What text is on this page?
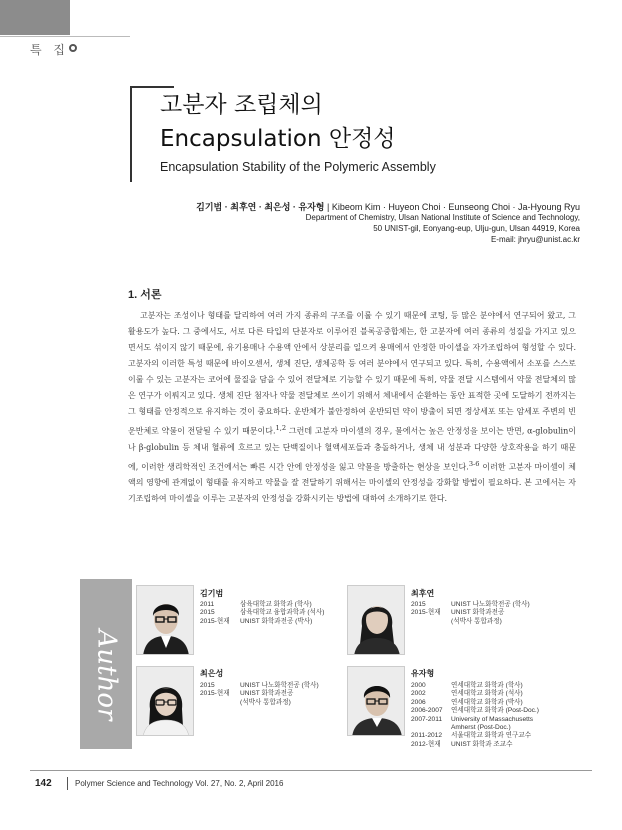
특 집
고분자 조립체의
Encapsulation 안정성
Encapsulation Stability of the Polymeric Assembly
김기범 · 최후연 · 최은성 · 유자형 | Kibeom Kim · Huyeon Choi · Eunseong Choi · Ja-Hyoung Ryu
Department of Chemistry, Ulsan National Institute of Science and Technology,
50 UNIST-gil, Eonyang-eup, Ulju-gun, Ulsan 44919, Korea
E-mail: jhryu@unist.ac.kr
1. 서론

고분자는 조성이나 형태를 달리하여 여러 가지 종류의 구조를 이룰 수 있기 때문에 코팅, 등 많은 분야에서 연구되어 왔고, 그 활용도가 높다. 그 중에서도, 서로 다른 타입의 단분자로 이루어진 블록공중합체는, 한 고분자에 여러 종류의 성질을 가지고 있으면서도 섞이지 않기 때문에, 유기용매나 수용액 안에서 상분리를 일으켜 용매에서 안정한 마이셀을 자가조립하여 형성할 수 있다. 고분자의 이러한 특성 때문에 바이오센서, 생체 진단, 생체공학 등 여러 분야에서 연구되고 있다. 특히, 수용액에서 소포를 스스로 이룰 수 있는 고분자는 코어에 물질을 담을 수 있어 전달체로 기능할 수 있기 때문에 특히, 약물 전달 시스템에서 약물 전달체의 많은 연구가 이뤄지고 있다. 생체 진단 첨자나 약물 전달체로 쓰이기 위해서 체내에서 순환하는 동안 표적한 곳에 도달하기 전까지는 그 형태를 안정적으로 유지하는 것이 중요하다. 운반체가 불안정하여 운반되던 약이 방출이 되면 정상세포 또는 암세포 주변의 빈 운반체로 약물이 전달될 수 있기 때문이다.$^{1,2}$ 그런데 고분자 마이셀의 경우, 물에서는 높은 안정성을 보이는 반면, α-globulin이나 β-globulin 등 체내 혈류에 흐르고 있는 단백질이나 혈액세포들과 충돌하거나, 생체 내 성분과 다양한 상호작용을 하기 때문에, 이러한 생리학적인 조건에서는 빠른 시간 안에 안정성을 잃고 약물을 방출하는 현상을 보인다.$^{3-6}$ 이러한 고분자 마이셀이 체액의 영향에 관계없이 형태를 유지하고 약물을 잘 전달하기 위해서는 마이셀의 안정성을 강화할 방법이 필요하다. 본 고에서는 자기조립하여 마이셀을 이루는 고분자의 안정성을 강화시키는 방법에 대하여 소개하기로 한다.

Author
김기범
2011	삼육대학교 화학과 (학사)
2015	삼육대학교 융합과학과 (석사)
2015-현재	UNIST 화학과전공 (박사)
최후연
2015	UNIST 나노화학전공 (학사)
2015-현재	UNIST 화학과전공
(석박사 통합과정)
최은성
2015	UNIST 나노화학전공 (학사)
2015-현재	UNIST 화학과전공
(석박사 통합과정)
유자형
2000	연세대학교 화학과 (학사)
2002	연세대학교 화학과 (석사)
2006	연세대학교 화학과 (박사)
2006-2007	연세대학교 화학과 (Post-Doc.)
2007-2011	University of Massachusetts
Amherst (Post-Doc.)
2011-2012	서울대학교 화학과 연구교수
2012-현재	UNIST 화학과 조교수
142	Polymer Science and Technology Vol. 27, No. 2, April 2016
